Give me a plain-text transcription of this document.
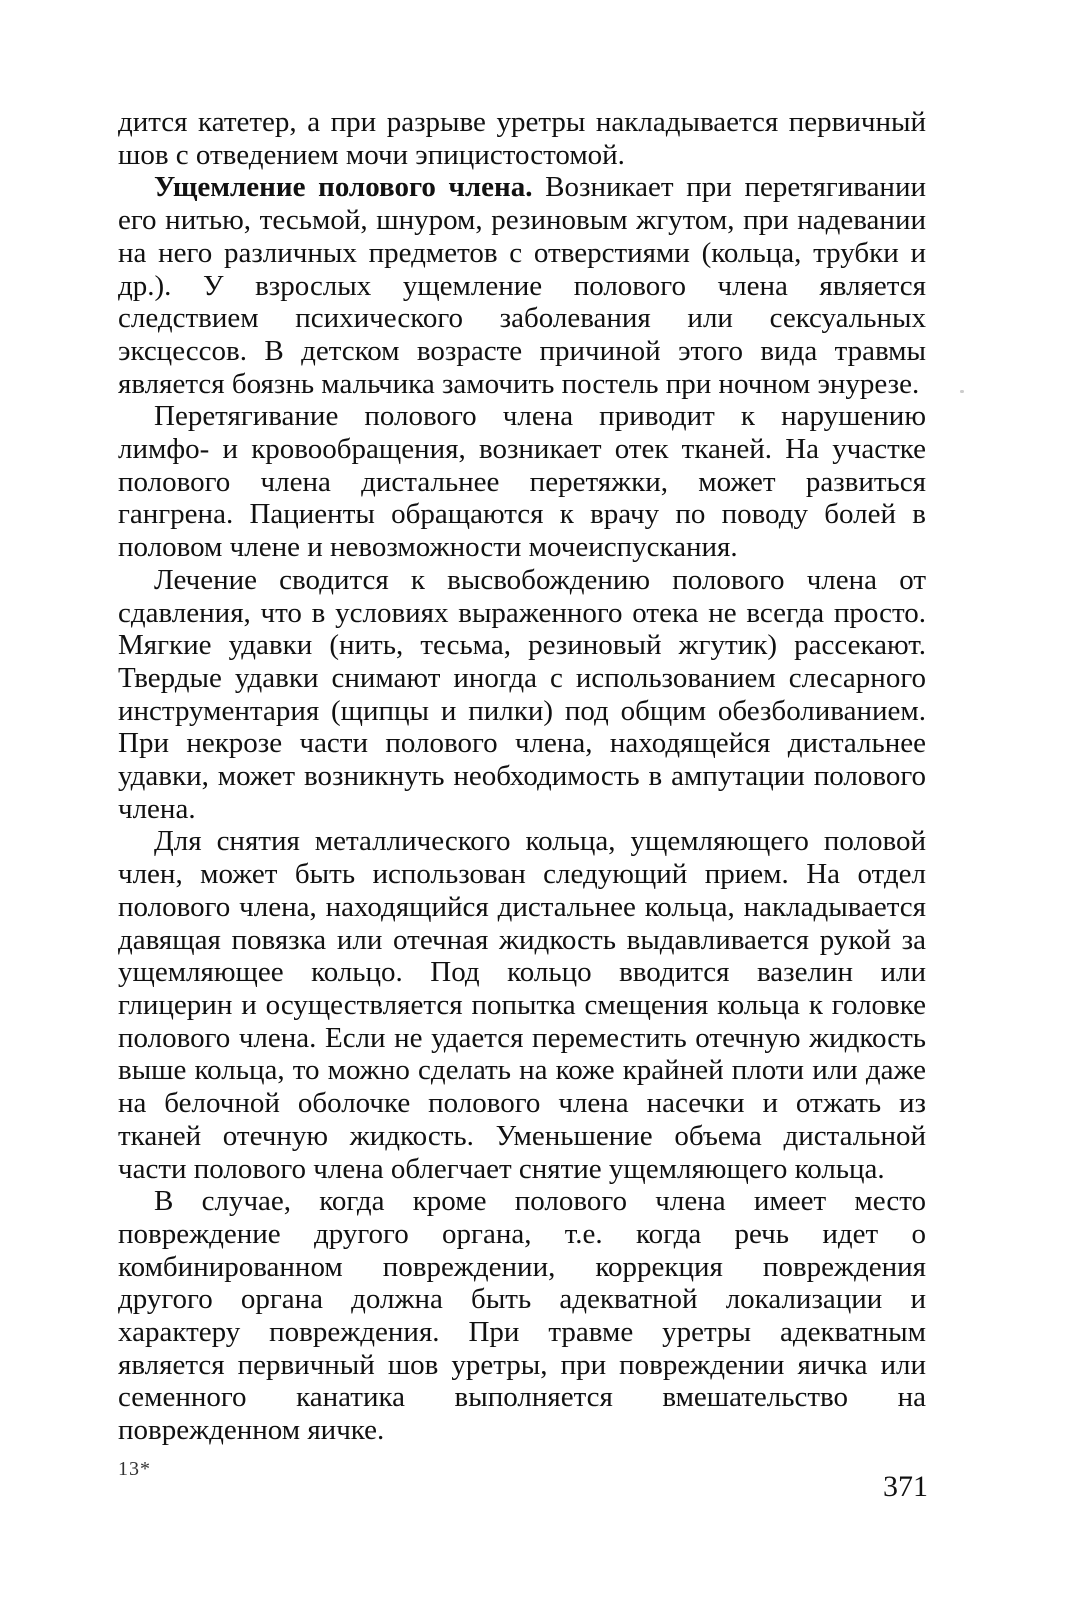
дится катетер, а при разрыве уретры накладывается первичный шов с отведением мочи эпицистостомой.

Ущемление полового члена. Возникает при перетягивании его нитью, тесьмой, шнуром, резиновым жгутом, при надевании на него различных предметов с отверстиями (кольца, трубки и др.). У взрослых ущемление полового члена является следствием психического заболевания или сексуальных эксцессов. В детском возрасте причиной этого вида травмы является боязнь мальчика замочить постель при ночном энурезе.

Перетягивание полового члена приводит к нарушению лимфо- и кровообращения, возникает отек тканей. На участке полового члена дистальнее перетяжки, может развиться гангрена. Пациенты обращаются к врачу по поводу болей в половом члене и невозможности мочеиспускания.

Лечение сводится к высвобождению полового члена от сдавления, что в условиях выраженного отека не всегда просто. Мягкие удавки (нить, тесьма, резиновый жгутик) рассекают. Твердые удавки снимают иногда с использованием слесарного инструментария (щипцы и пилки) под общим обезболиванием. При некрозе части полового члена, находящейся дистальнее удавки, может возникнуть необходимость в ампутации полового члена.

Для снятия металлического кольца, ущемляющего половой член, может быть использован следующий прием. На отдел полового члена, находящийся дистальнее кольца, накладывается давящая повязка или отечная жидкость выдавливается рукой за ущемляющее кольцо. Под кольцо вводится вазелин или глицерин и осуществляется попытка смещения кольца к головке полового члена. Если не удается переместить отечную жидкость выше кольца, то можно сделать на коже крайней плоти или даже на белочной оболочке полового члена насечки и отжать из тканей отечную жидкость. Уменьшение объема дистальной части полового члена облегчает снятие ущемляющего кольца.

В случае, когда кроме полового члена имеет место повреждение другого органа, т.е. когда речь идет о комбинированном повреждении, коррекция повреждения другого органа должна быть адекватной локализации и характеру повреждения. При травме уретры адекватным является первичный шов уретры, при повреждении яичка или семенного канатика выполняется вмешательство на поврежденном яичке.

13*
371
